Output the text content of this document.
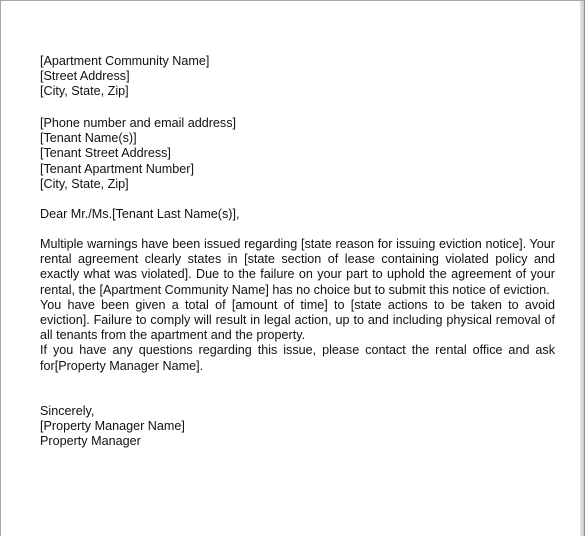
[Apartment Community Name]
[Street Address]
[City, State, Zip]
[Phone number and email address]
[Tenant Name(s)]
[Tenant Street Address]
[Tenant Apartment Number]
[City, State, Zip]
Dear Mr./Ms.[Tenant Last Name(s)],
Multiple warnings have been issued regarding [state reason for issuing eviction notice]. Your rental agreement clearly states in [state section of lease containing violated policy and exactly what was violated]. Due to the failure on your part to uphold the agreement of your rental, the [Apartment Community Name] has no choice but to submit this notice of eviction.
You have been given a total of [amount of time] to [state actions to be taken to avoid eviction]. Failure to comply will result in legal action, up to and including physical removal of all tenants from the apartment and the property.
If you have any questions regarding this issue, please contact the rental office and ask for[Property Manager Name].
Sincerely,
[Property Manager Name]
Property Manager
